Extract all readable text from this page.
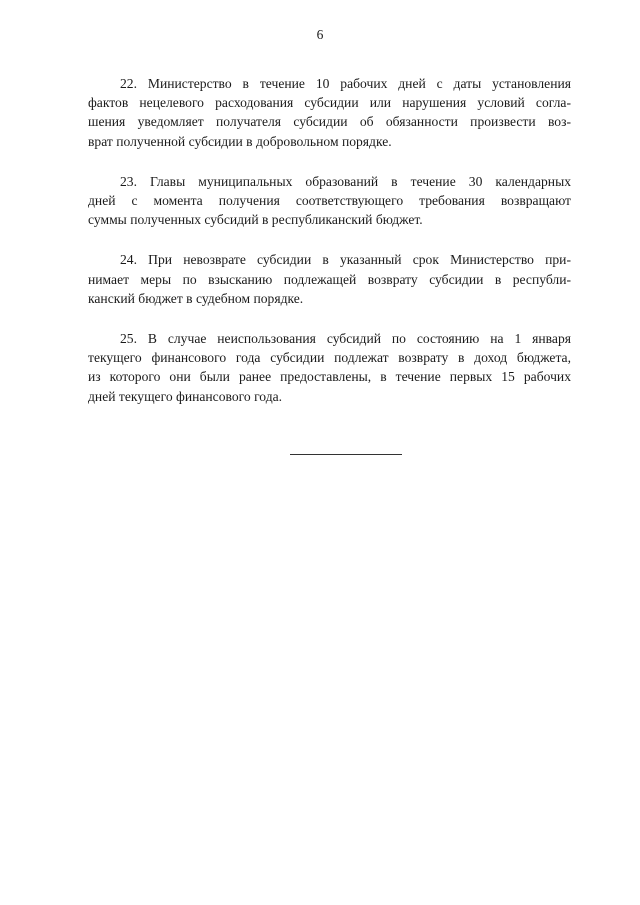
6

22. Министерство в течение 10 рабочих дней с даты установления
фактов нецелевого расходования субсидии или нарушения условий согла-
шения уведомляет получателя субсидии об обязанности произвести воз-
врат полученной субсидии в добровольном порядке.

23. Главы муниципальных образований в течение 30 календарных
дней с момента получения соответствующего требования возвращают
суммы полученных субсидий в республиканский бюджет.

24. При невозврате субсидии в указанный срок Министерство при-
нимает меры по взысканию подлежащей возврату субсидии в республи-
канский бюджет в судебном порядке.

25. В случае неиспользования субсидий по состоянию на 1 января
текущего финансового года субсидии подлежат возврату в доход бюджета,
из которого они были ранее предоставлены, в течение первых 15 рабочих
дней текущего финансового года.
